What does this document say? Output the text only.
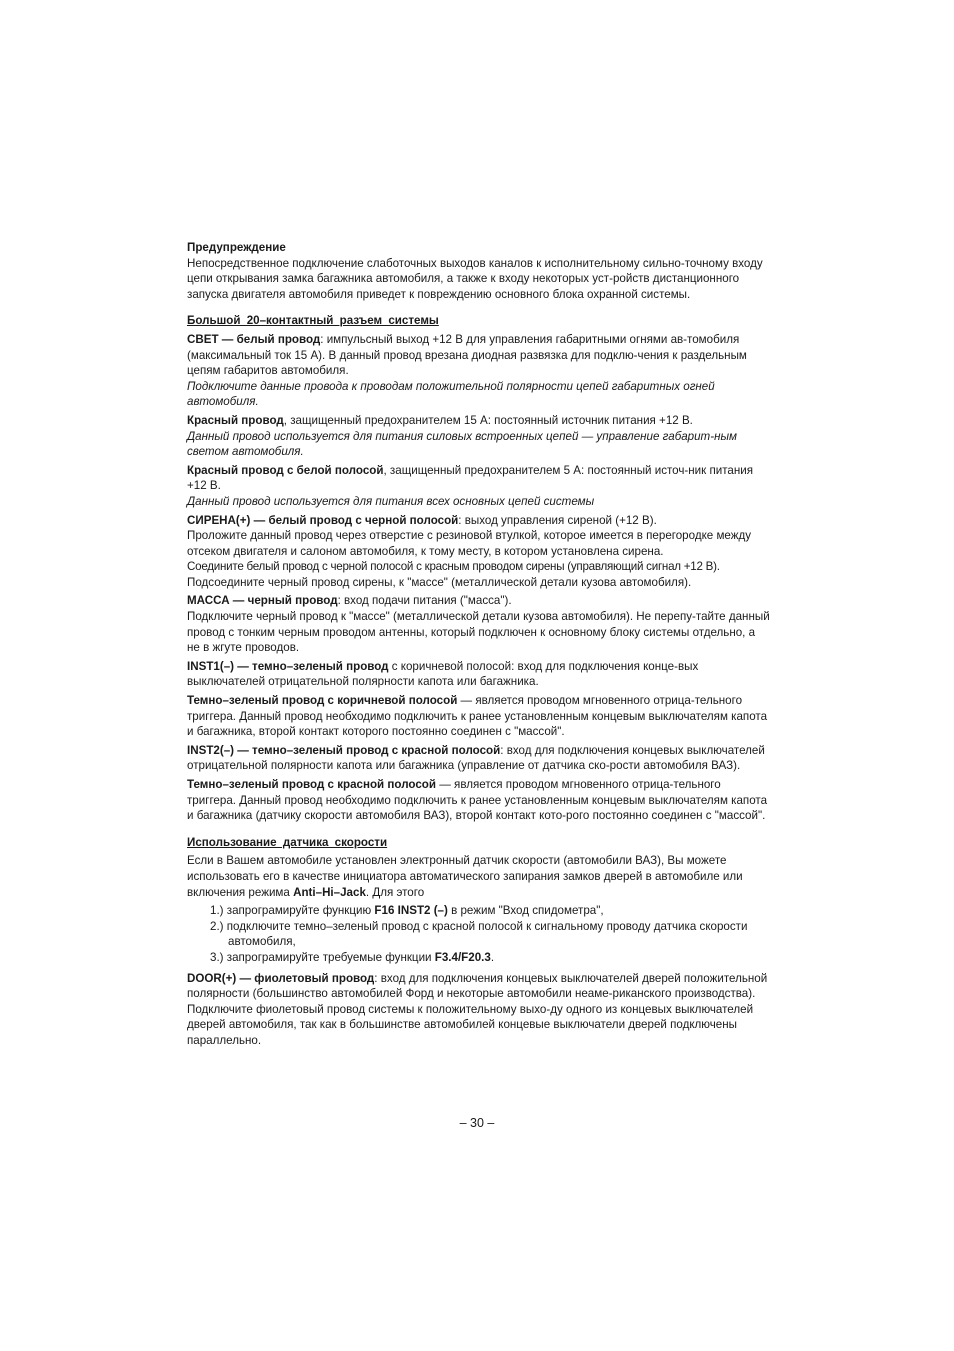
Предупреждение

Непосредственное подключение слаботочных выходов каналов к исполнительному сильно-точному входу цепи открывания замка багажника автомобиля, а также к входу некоторых уст-ройств дистанционного запуска двигателя автомобиля приведет к повреждению основного блока охранной системы.

Большой 20–контактный разъем системы

СВЕТ — белый провод: импульсный выход +12 В для управления габаритными огнями ав-томобиля (максимальный ток 15 А). В данный провод врезана диодная развязка для подклю-чения к раздельным цепям габаритов автомобиля.

Подключите данные провода к проводам положительной полярности цепей габаритных огней автомобиля.

Красный провод, защищенный предохранителем 15 А: постоянный источник питания +12 В.

Данный провод используется для питания силовых встроенных цепей — управление габарит-ным светом автомобиля.

Красный провод с белой полосой, защищенный предохранителем 5 А: постоянный источ-ник питания +12 В.

Данный провод используется для питания всех основных цепей системы

СИРЕНА(+) — белый провод с черной полосой: выход управления сиреной (+12 В).

Проложите данный провод через отверстие с резиновой втулкой, которое имеется в перегородке между отсеком двигателя и салоном автомобиля, к тому месту, в котором установлена сирена.

Соедините белый провод с черной полосой с красным проводом сирены (управляющий сигнал +12 В).

Подсоедините черный провод сирены, к "массе" (металлической детали кузова автомобиля).

МАССА — черный провод: вход подачи питания ("масса").

Подключите черный провод к "массе" (металлической детали кузова автомобиля). Не перепу-тайте данный провод с тонким черным проводом антенны, который подключен к основному блоку системы отдельно, а не в жгуте проводов.

INST1(–) — темно–зеленый провод с коричневой полосой: вход для подключения конце-вых выключателей отрицательной полярности капота или багажника.

Темно–зеленый провод с коричневой полосой — является проводом мгновенного отрица-тельного триггера. Данный провод необходимо подключить к ранее установленным концевым выключателям капота и багажника, второй контакт которого постоянно соединен с "массой".

INST2(–) — темно–зеленый провод с красной полосой: вход для подключения концевых выключателей отрицательной полярности капота или багажника (управление от датчика ско-рости автомобиля ВАЗ).

Темно–зеленый провод с красной полосой — является проводом мгновенного отрица-тельного триггера. Данный провод необходимо подключить к ранее установленным концевым выключателям капота и багажника (датчику скорости автомобиля ВАЗ), второй контакт кото-рого постоянно соединен с "массой".

Использование датчика скорости

Если в Вашем автомобиле установлен электронный датчик скорости (автомобили ВАЗ), Вы можете использовать его в качестве инициатора автоматического запирания замков дверей в автомобиле или включения режима Anti–Hi–Jack. Для этого

1.) запрограмируйте функцию F16 INST2 (–) в режим "Вход спидометра",
2.) подключите темно–зеленый провод с красной полосой к сигнальному проводу датчика скорости автомобиля,
3.) запрограмируйте требуемые функции F3.4/F20.3.

DOOR(+) — фиолетовый провод: вход для подключения концевых выключателей дверей положительной полярности (большинство автомобилей Форд и некоторые автомобили неаме-риканского производства). Подключите фиолетовый провод системы к положительному выхо-ду одного из концевых выключателей дверей автомобиля, так как в большинстве автомобилей концевые выключатели дверей подключены параллельно.

– 30 –
